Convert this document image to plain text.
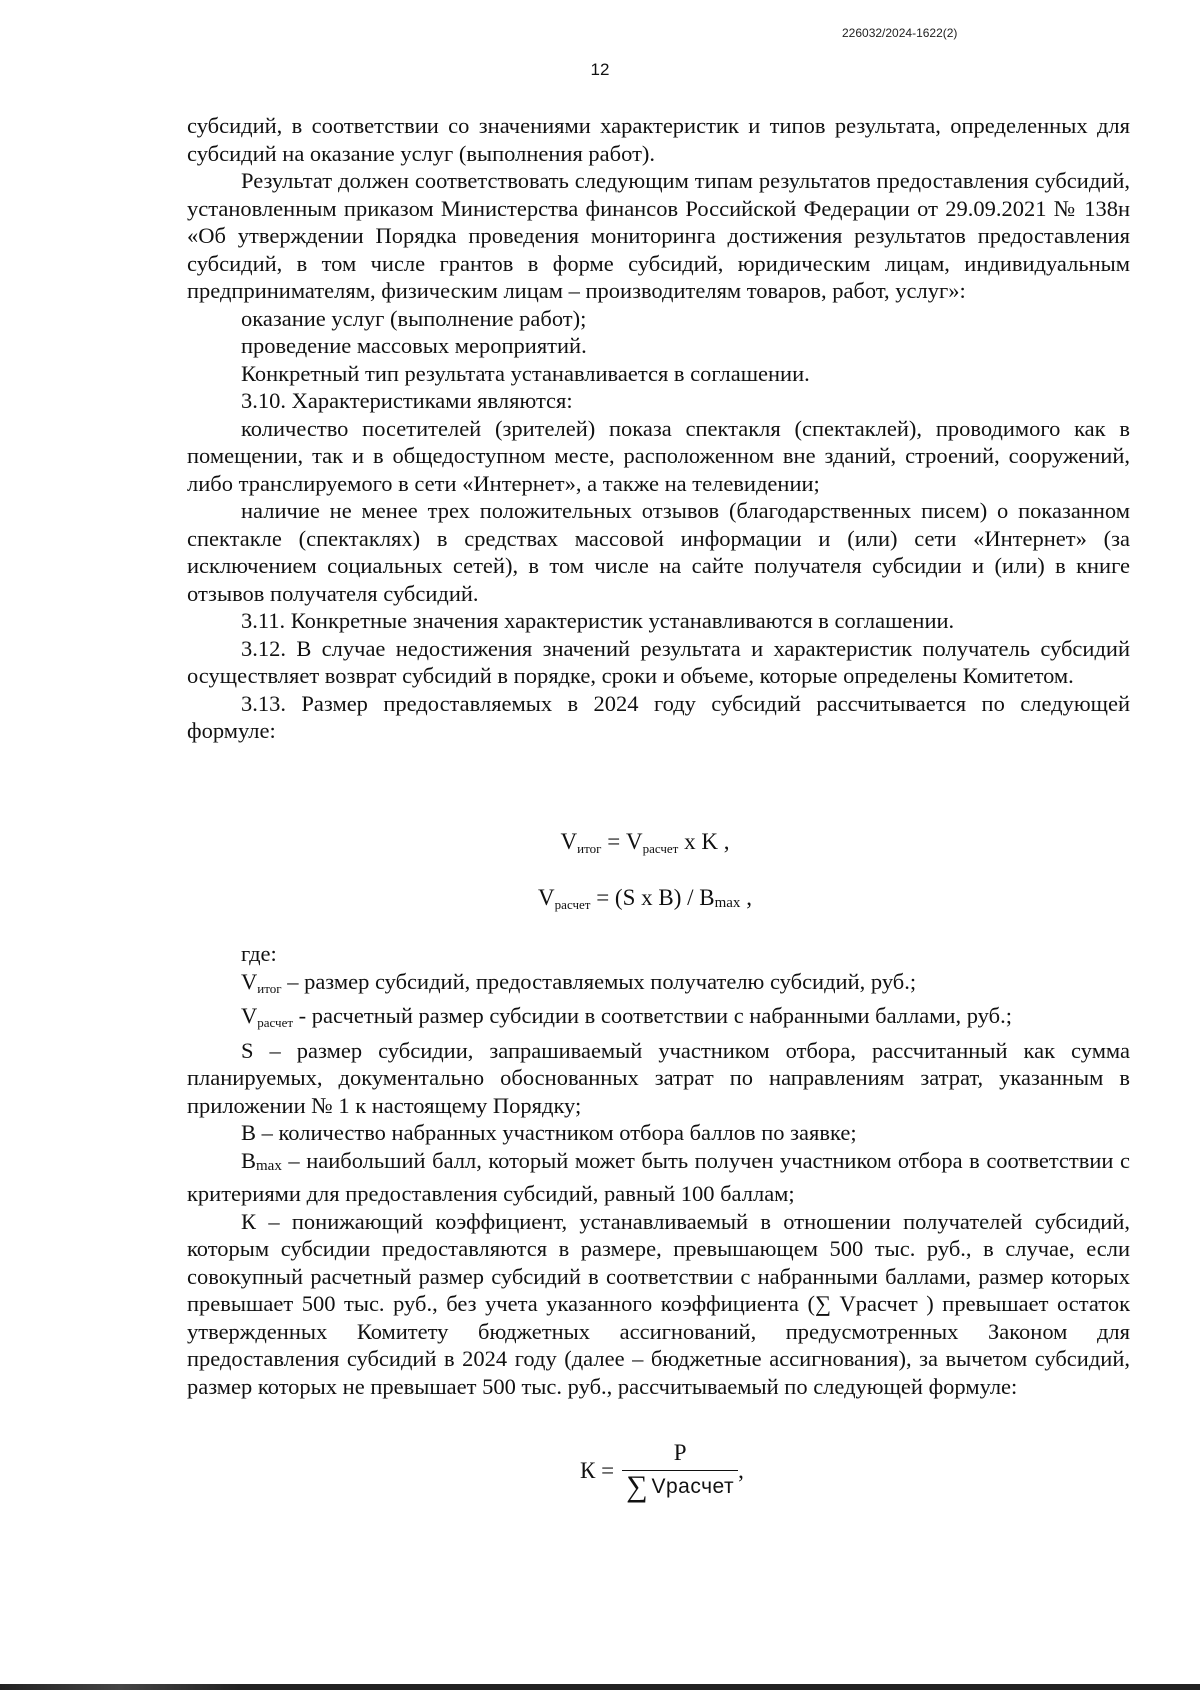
226032/2024-1622(2)
12

субсидий, в соответствии со значениями характеристик и типов результата, определенных для субсидий на оказание услуг (выполнения работ).

Результат должен соответствовать следующим типам результатов предоставления субсидий, установленным приказом Министерства финансов Российской Федерации от 29.09.2021 № 138н «Об утверждении Порядка проведения мониторинга достижения результатов предоставления субсидий, в том числе грантов в форме субсидий, юридическим лицам, индивидуальным предпринимателям, физическим лицам – производителям товаров, работ, услуг»:

оказание услуг (выполнение работ);

проведение массовых мероприятий.

Конкретный тип результата устанавливается в соглашении.

3.10. Характеристиками являются:

количество посетителей (зрителей) показа спектакля (спектаклей), проводимого как в помещении, так и в общедоступном месте, расположенном вне зданий, строений, сооружений, либо транслируемого в сети «Интернет», а также на телевидении;

наличие не менее трех положительных отзывов (благодарственных писем) о показанном спектакле (спектаклях) в средствах массовой информации и (или) сети «Интернет» (за исключением социальных сетей), в том числе на сайте получателя субсидии и (или) в книге отзывов получателя субсидий.

3.11. Конкретные значения характеристик устанавливаются в соглашении.

3.12. В случае недостижения значений результата и характеристик получатель субсидий осуществляет возврат субсидий в порядке, сроки и объеме, которые определены Комитетом.

3.13. Размер предоставляемых в 2024 году субсидий рассчитывается по следующей формуле:

$V_{итог} = V_{расчет}$ x K ,
$V_{расчет} = (S$ x B) / Bmax ,

где:

$V_{итог}$ – размер субсидий, предоставляемых получателю субсидий, руб.;

$V_{расчет}$ - расчетный размер субсидии в соответствии с набранными баллами, руб.;

S – размер субсидии, запрашиваемый участником отбора, рассчитанный как сумма планируемых, документально обоснованных затрат по направлениям затрат, указанным в приложении № 1 к настоящему Порядку;

B – количество набранных участником отбора баллов по заявке;

Bmax – наибольший балл, который может быть получен участником отбора в соответствии с критериями для предоставления субсидий, равный 100 баллам;

К – понижающий коэффициент, устанавливаемый в отношении получателей субсидий, которым субсидии предоставляются в размере, превышающем 500 тыс. руб., в случае, если совокупный расчетный размер субсидий в соответствии с набранными баллами, размер которых превышает 500 тыс. руб., без учета указанного коэффициента (∑ Vрасчет ) превышает остаток утвержденных Комитету бюджетных ассигнований, предусмотренных Законом для предоставления субсидий в 2024 году (далее – бюджетные ассигнования), за вычетом субсидий, размер которых не превышает 500 тыс. руб., рассчитываемый по следующей формуле:

$К = \frac{P}{\text{∑ Vрасчет}}$ ,
